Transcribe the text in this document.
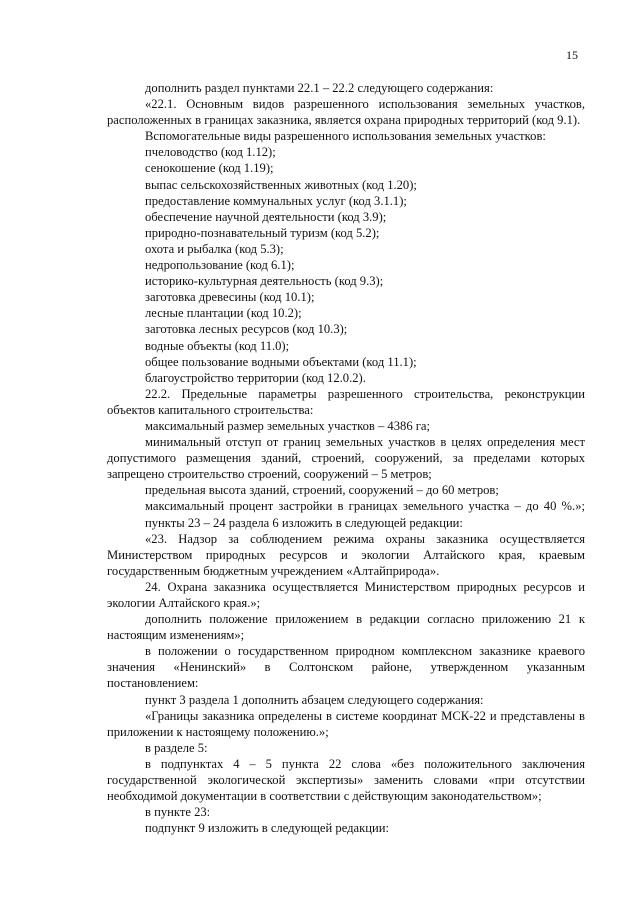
15

дополнить раздел пунктами 22.1 – 22.2 следующего содержания:

«22.1. Основным видов разрешенного использования земельных участков, расположенных в границах заказника, является охрана природных территорий (код 9.1).

Вспомогательные виды разрешенного использования земельных участков:

пчеловодство (код 1.12);

сенокошение (код 1.19);

выпас сельскохозяйственных животных (код 1.20);

предоставление коммунальных услуг (код 3.1.1);

обеспечение научной деятельности (код 3.9);

природно-познавательный туризм (код 5.2);

охота и рыбалка (код 5.3);

недропользование (код 6.1);

историко-культурная деятельность (код 9.3);

заготовка древесины (код 10.1);

лесные плантации (код 10.2);

заготовка лесных ресурсов (код 10.3);

водные объекты (код 11.0);

общее пользование водными объектами (код 11.1);

благоустройство территории (код 12.0.2).

22.2. Предельные параметры разрешенного строительства, реконструкции объектов капитального строительства:

максимальный размер земельных участков – 4386 га;

минимальный отступ от границ земельных участков в целях определения мест допустимого размещения зданий, строений, сооружений, за пределами которых запрещено строительство строений, сооружений – 5 метров;

предельная высота зданий, строений, сооружений – до 60 метров;

максимальный процент застройки в границах земельного участка – до 40 %.»;

пункты 23 – 24 раздела 6 изложить в следующей редакции:

«23. Надзор за соблюдением режима охраны заказника осуществляется Министерством природных ресурсов и экологии Алтайского края, краевым государственным бюджетным учреждением «Алтайприрода».

24. Охрана заказника осуществляется Министерством природных ресурсов и экологии Алтайского края.»;

дополнить положение приложением в редакции согласно приложению 21 к настоящим изменениям»;

в положении о государственном природном комплексном заказнике краевого значения «Ненинский» в Солтонском районе, утвержденном указанным постановлением:

пункт 3 раздела 1 дополнить абзацем следующего содержания:

«Границы заказника определены в системе координат МСК-22 и представлены в приложении к настоящему положению.»;

в разделе 5:

в подпунктах 4 – 5 пункта 22 слова «без положительного заключения государственной экологической экспертизы» заменить словами «при отсутствии необходимой документации в соответствии с действующим законодательством»;

в пункте 23:

подпункт 9 изложить в следующей редакции:
